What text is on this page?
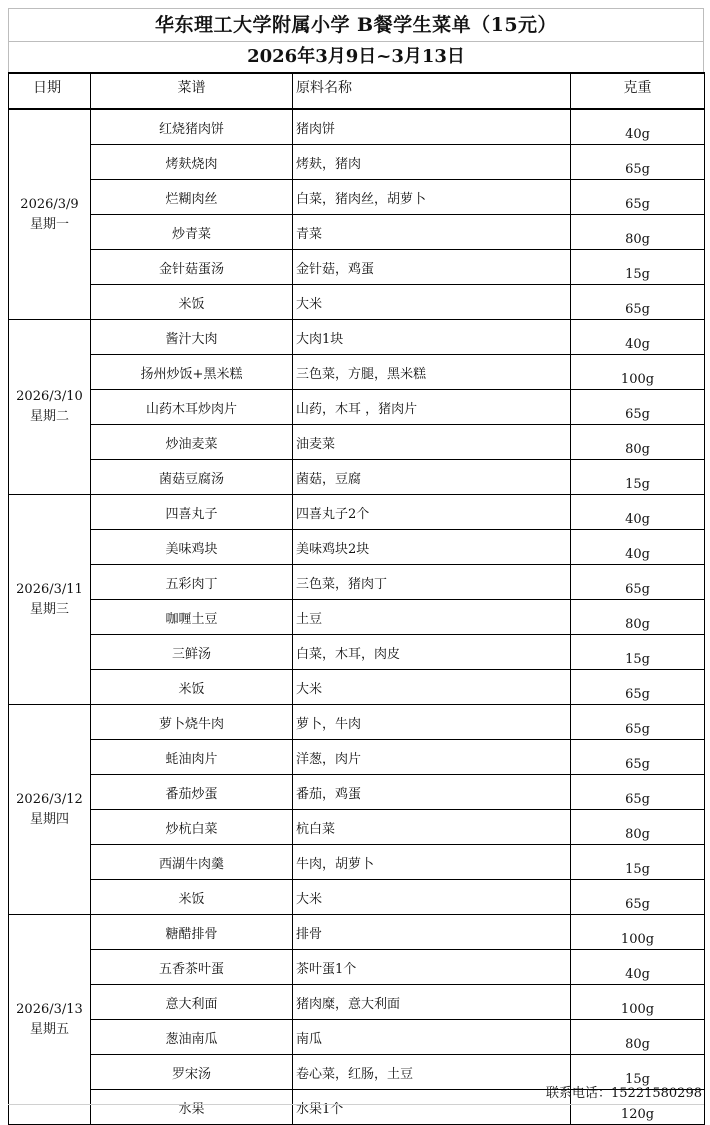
华东理工大学附属小学 B餐学生菜单（15元）
2026年3月9日~3月13日
日期	菜谱	原料名称	克重

2026/3/9
星期一	红烧猪肉饼	猪肉饼	40g
	烤麸烧肉	烤麸，猪肉	65g
	烂糊肉丝	白菜，猪肉丝，胡萝卜	65g
	炒青菜	青菜	80g
	金针菇蛋汤	金针菇，鸡蛋	15g
	米饭	大米	65g

2026/3/10
星期二	酱汁大肉	大肉1块	40g
	扬州炒饭+黑米糕	三色菜，方腿，黑米糕	100g
	山药木耳炒肉片	山药，木耳 ，猪肉片	65g
	炒油麦菜	油麦菜	80g
	菌菇豆腐汤	菌菇，豆腐	15g

2026/3/11
星期三	四喜丸子	四喜丸子2个	40g
	美味鸡块	美味鸡块2块	40g
	五彩肉丁	三色菜，猪肉丁	65g
	咖喱土豆	土豆	80g
	三鲜汤	白菜，木耳，肉皮	15g
	米饭	大米	65g

2026/3/12
星期四	萝卜烧牛肉	萝卜，牛肉	65g
	蚝油肉片	洋葱，肉片	65g
	番茄炒蛋	番茄，鸡蛋	65g
	炒杭白菜	杭白菜	80g
	西湖牛肉羹	牛肉，胡萝卜	15g
	米饭	大米	65g

2026/3/13
星期五	糖醋排骨	排骨	100g
	五香茶叶蛋	茶叶蛋1个	40g
	意大利面	猪肉糜，意大利面	100g
	葱油南瓜	南瓜	80g
	罗宋汤	卷心菜，红肠，土豆	15g
	水果	水果1个	120g
联系电话：15221580298
